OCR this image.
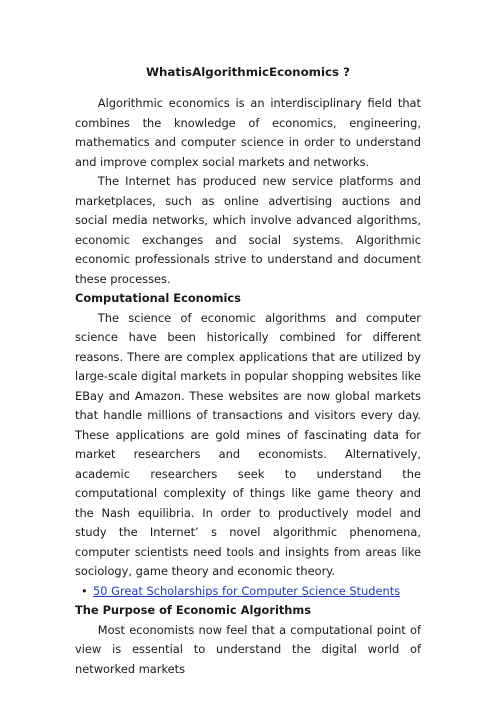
WhatisAlgorithmicEconomics ?

Algorithmic economics is an interdisciplinary field that combines the knowledge of economics, engineering, mathematics and computer science in order to understand and improve complex social markets and networks.

The Internet has produced new service platforms and marketplaces, such as online advertising auctions and social media networks, which involve advanced algorithms, economic exchanges and social systems. Algorithmic economic professionals strive to understand and document these processes.

Computational Economics

The science of economic algorithms and computer science have been historically combined for different reasons. There are complex applications that are utilized by large-scale digital markets in popular shopping websites like EBay and Amazon. These websites are now global markets that handle millions of transactions and visitors every day. These applications are gold mines of fascinating data for market researchers and economists. Alternatively, academic researchers seek to understand the computational complexity of things like game theory and the Nash equilibria. In order to productively model and study the Internet’ s novel algorithmic phenomena, computer scientists need tools and insights from areas like sociology, game theory and economic theory.

• 50 Great Scholarships for Computer Science Students
The Purpose of Economic Algorithms

Most economists now feel that a computational point of view is essential to understand the digital world of networked markets
